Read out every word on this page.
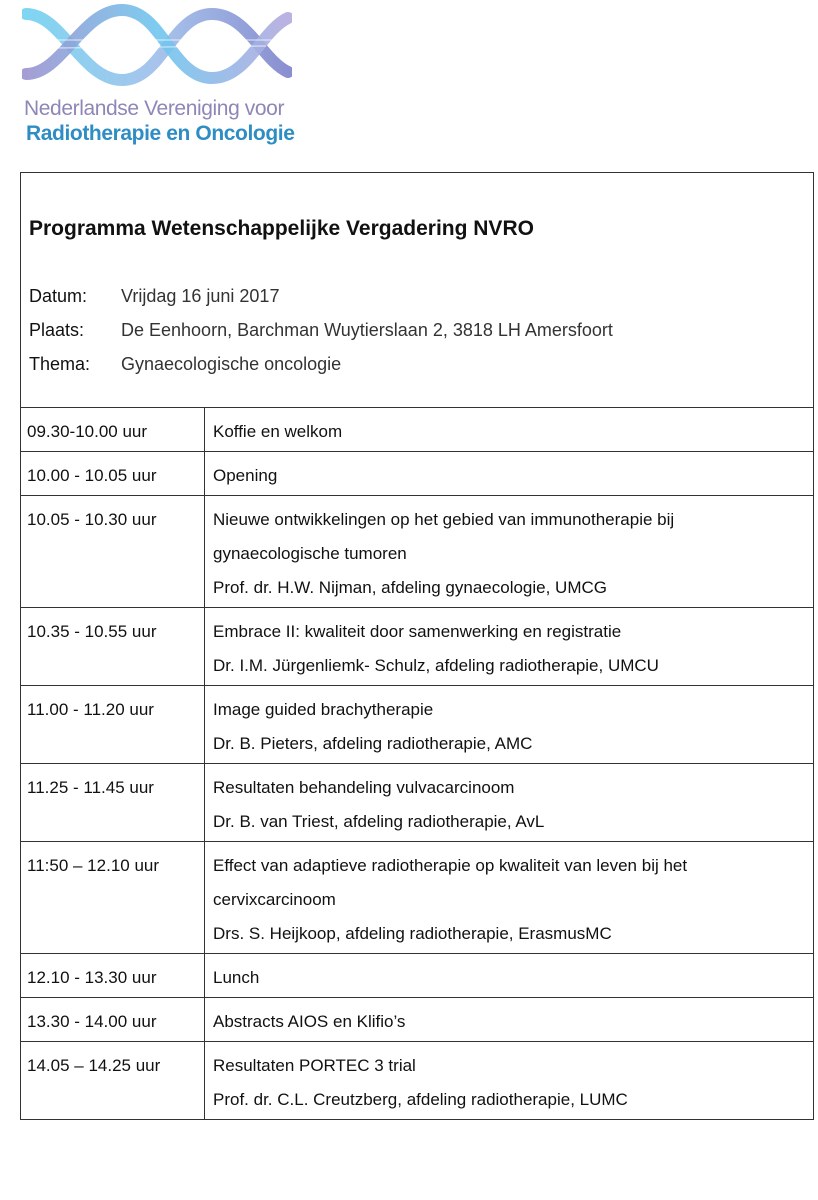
Nederlandse Vereniging voor
Radiotherapie en Oncologie
Programma Wetenschappelijke Vergadering NVRO
Datum: Vrijdag 16 juni 2017
Plaats: De Eenhoorn, Barchman Wuytierslaan 2, 3818 LH Amersfoort
Thema: Gynaecologische oncologie
09.30-10.00 uur	Koffie en welkom

10.00 - 10.05 uur	Opening

10.05 - 10.30 uur	Nieuwe ontwikkelingen op het gebied van immunotherapie bij
gynaecologische tumoren
Prof. dr. H.W. Nijman, afdeling gynaecologie, UMCG

10.35 - 10.55 uur	Embrace II: kwaliteit door samenwerking en registratie
Dr. I.M. Jürgenliemk- Schulz, afdeling radiotherapie, UMCU

11.00 - 11.20 uur	Image guided brachytherapie
Dr. B. Pieters, afdeling radiotherapie, AMC

11.25 - 11.45 uur	Resultaten behandeling vulvacarcinoom
Dr. B. van Triest, afdeling radiotherapie, AvL

11:50 – 12.10 uur	Effect van adaptieve radiotherapie op kwaliteit van leven bij het
cervixcarcinoom
Drs. S. Heijkoop, afdeling radiotherapie, ErasmusMC

12.10 - 13.30 uur	Lunch

13.30 - 14.00 uur	Abstracts AIOS en Klifio’s

14.05 – 14.25 uur	Resultaten PORTEC 3 trial
Prof. dr. C.L. Creutzberg, afdeling radiotherapie, LUMC
